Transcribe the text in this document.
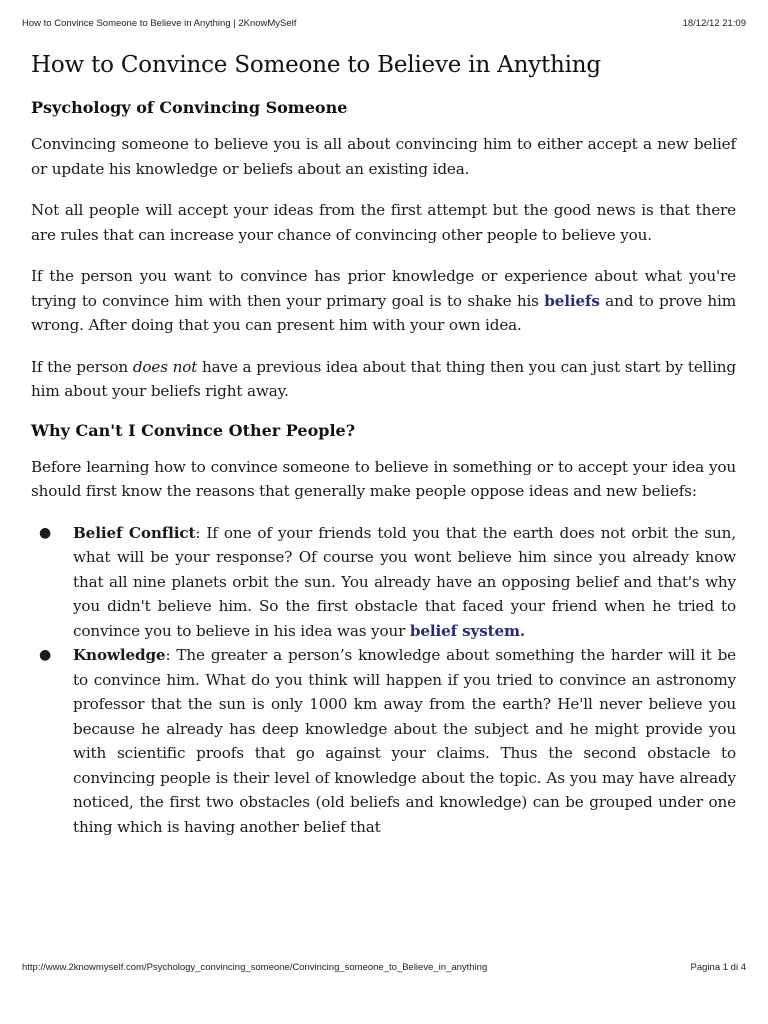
How to Convince Someone to Believe in Anything | 2KnowMySelf	18/12/12 21:09
How to Convince Someone to Believe in Anything
Psychology of Convincing Someone

Convincing someone to believe you is all about convincing him to either accept a new belief or update his knowledge or beliefs about an existing idea.

Not all people will accept your ideas from the first attempt but the good news is that there are rules that can increase your chance of convincing other people to believe you.

If the person you want to convince has prior knowledge or experience about what you're trying to convince him with then your primary goal is to shake his beliefs and to prove him wrong. After doing that you can present him with your own idea.

If the person does not have a previous idea about that thing then you can just start by telling him about your beliefs right away.

Why Can't I Convince Other People?

Before learning how to convince someone to believe in something or to accept your idea you should first know the reasons that generally make people oppose ideas and new beliefs:

● Belief Conflict: If one of your friends told you that the earth does not orbit the sun, what will be your response? Of course you wont believe him since you already know that all nine planets orbit the sun. You already have an opposing belief and that's why you didn't believe him. So the first obstacle that faced your friend when he tried to convince you to believe in his idea was your belief system.
● Knowledge: The greater a person’s knowledge about something the harder will it be to convince him. What do you think will happen if you tried to convince an astronomy professor that the sun is only 1000 km away from the earth? He'll never believe you because he already has deep knowledge about the subject and he might provide you with scientific proofs that go against your claims. Thus the second obstacle to convincing people is their level of knowledge about the topic. As you may have already noticed, the first two obstacles (old beliefs and knowledge) can be grouped under one thing which is having another belief that
http://www.2knowmyself.com/Psychology_convincing_someone/Convincing_someone_to_Believe_in_anything	Pagina 1 di 4
